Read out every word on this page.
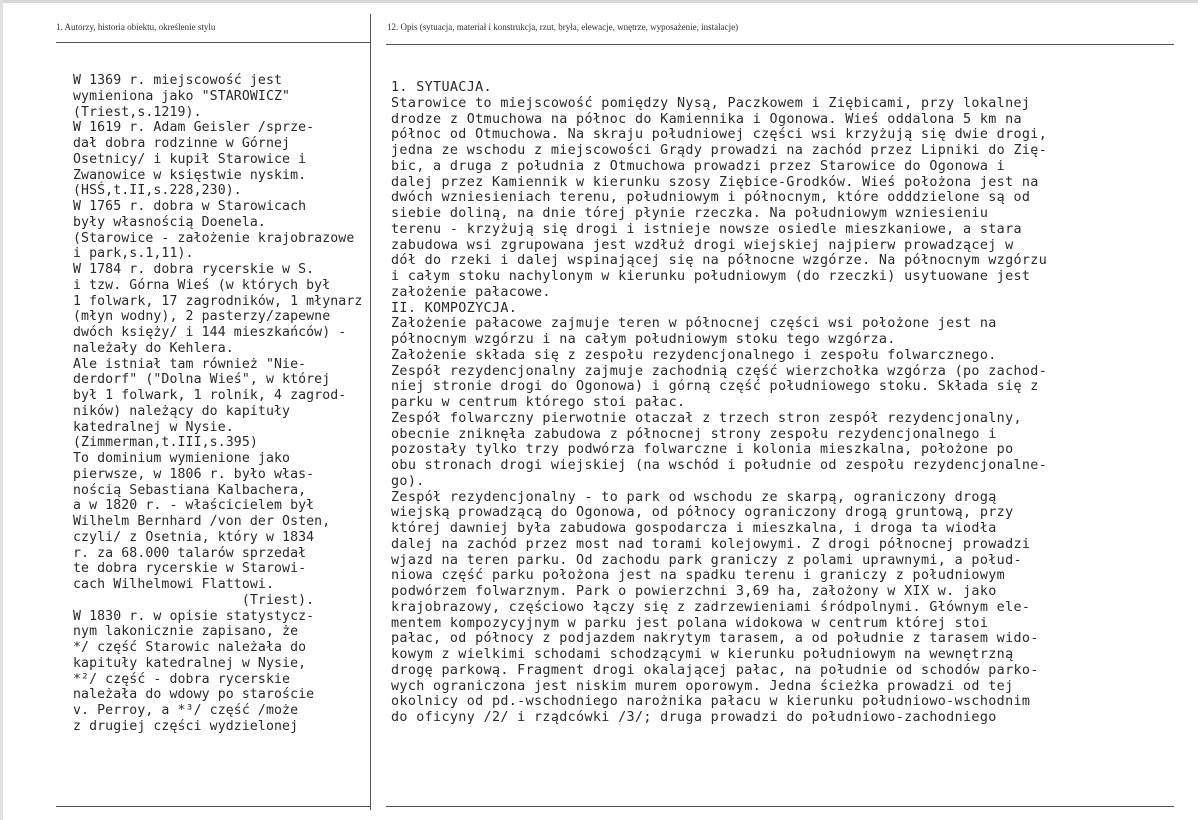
1. Autorzy, historia obiektu, określenie stylu	12. Opis (sytuacja, materiał i konstrukcja, rzut, bryła, elewacje, wnętrze, wyposażenie, instalacje)
W 1369 r. miejscowość jest
wymieniona jako "STAROWICZ"
(Triest,s.1219).
W 1619 r. Adam Geisler /sprze-
dał dobra rodzinne w Górnej
Osetnicy/ i kupił Starowice i
Zwanowice w księstwie nyskim.
(HSŚ,t.II,s.228,230).
W 1765 r. dobra w Starowicach
były własnością Doenela.
(Starowice - założenie krajobrazowe
i park,s.1,11).
W 1784 r. dobra rycerskie w S.
i tzw. Górna Wieś (w których był
1 folwark, 17 zagrodników, 1 młynarz
(młyn wodny), 2 pasterzy/zapewne
dwóch księży/ i 144 mieszkańców) -
należały do Kehlera.
Ale istniał tam również "Nie-
derdorf" ("Dolna Wieś", w której
był 1 folwark, 1 rolnik, 4 zagrod-
ników) należący do kapituły
katedralnej w Nysie.
(Zimmerman,t.III,s.395)
To dominium wymienione jako
pierwsze, w 1806 r. było włas-
nością Sebastiana Kalbachera,
a w 1820 r. - właścicielem był
Wilhelm Bernhard /von der Osten,
czyli/ z Osetnia, który w 1834
r. za 68.000 talarów sprzedał
te dobra rycerskie w Starowi-
cach Wilhelmowi Flattowi.
(Triest).
W 1830 r. w opisie statystycz-
nym lakonicznie zapisano, że
*/ część Starowic należała do
kapituły katedralnej w Nysie,
*²/ część - dobra rycerskie
należała do wdowy po staroście
v. Perroy, a *³/ część /może
z drugiej części wydzielonej
1. SYTUACJA.
Starowice to miejscowość pomiędzy Nysą, Paczkowem i Ziębicami, przy lokalnej
drodze z Otmuchowa na północ do Kamiennika i Ogonowa. Wieś oddalona 5 km na
północ od Otmuchowa. Na skraju południowej części wsi krzyżują się dwie drogi,
jedna ze wschodu z miejscowości Grądy prowadzi na zachód przez Lipniki do Zię-
bic, a druga z południa z Otmuchowa prowadzi przez Starowice do Ogonowa i
dalej przez Kamiennik w kierunku szosy Ziębice-Grodków. Wieś położona jest na
dwóch wzniesieniach terenu, południowym i północnym, które odddzielone są od
siebie doliną, na dnie tórej płynie rzeczka. Na południowym wzniesieniu
terenu - krzyżują się drogi i istnieje nowsze osiedle mieszkaniowe, a stara
zabudowa wsi zgrupowana jest wzdłuż drogi wiejskiej najpierw prowadzącej w
dół do rzeki i dalej wspinającej się na północne wzgórze. Na północnym wzgórzu
i całym stoku nachylonym w kierunku południowym (do rzeczki) usytuowane jest
założenie pałacowe.
II. KOMPOZYCJA.
Założenie pałacowe zajmuje teren w północnej części wsi położone jest na
północnym wzgórzu i na całym południowym stoku tego wzgórza.
Założenie składa się z zespołu rezydencjonalnego i zespołu folwarcznego.
Zespół rezydencjonalny zajmuje zachodnią część wierzchołka wzgórza (po zachod-
niej stronie drogi do Ogonowa) i górną część południowego stoku. Składa się z
parku w centrum którego stoi pałac.
Zespół folwarczny pierwotnie otaczał z trzech stron zespół rezydencjonalny,
obecnie zniknęła zabudowa z północnej strony zespołu rezydencjonalnego i
pozostały tylko trzy podwórza folwarczne i kolonia mieszkalna, położone po
obu stronach drogi wiejskiej (na wschód i południe od zespołu rezydencjonalne-
go).
Zespół rezydencjonalny - to park od wschodu ze skarpą, ograniczony drogą
wiejską prowadzącą do Ogonowa, od północy ograniczony drogą gruntową, przy
której dawniej była zabudowa gospodarcza i mieszkalna, i droga ta wiodła
dalej na zachód przez most nad torami kolejowymi. Z drogi północnej prowadzi
wjazd na teren parku. Od zachodu park graniczy z polami uprawnymi, a połud-
niowa część parku położona jest na spadku terenu i graniczy z południowym
podwórzem folwarznym. Park o powierzchni 3,69 ha, założony w XIX w. jako
krajobrazowy, częściowo łączy się z zadrzewieniami śródpolnymi. Głównym ele-
mentem kompozycyjnym w parku jest polana widokowa w centrum której stoi
pałac, od północy z podjazdem nakrytym tarasem, a od południe z tarasem wido-
kowym z wielkimi schodami schodzącymi w kierunku południowym na wewnętrzną
drogę parkową. Fragment drogi okalającej pałac, na południe od schodów parko-
wych ograniczona jest niskim murem oporowym. Jedna ścieżka prowadzi od tej
okolnicy od pd.-wschodniego narożnika pałacu w kierunku południowo-wschodnim
do oficyny /2/ i rządcówki /3/; druga prowadzi do południowo-zachodniego
